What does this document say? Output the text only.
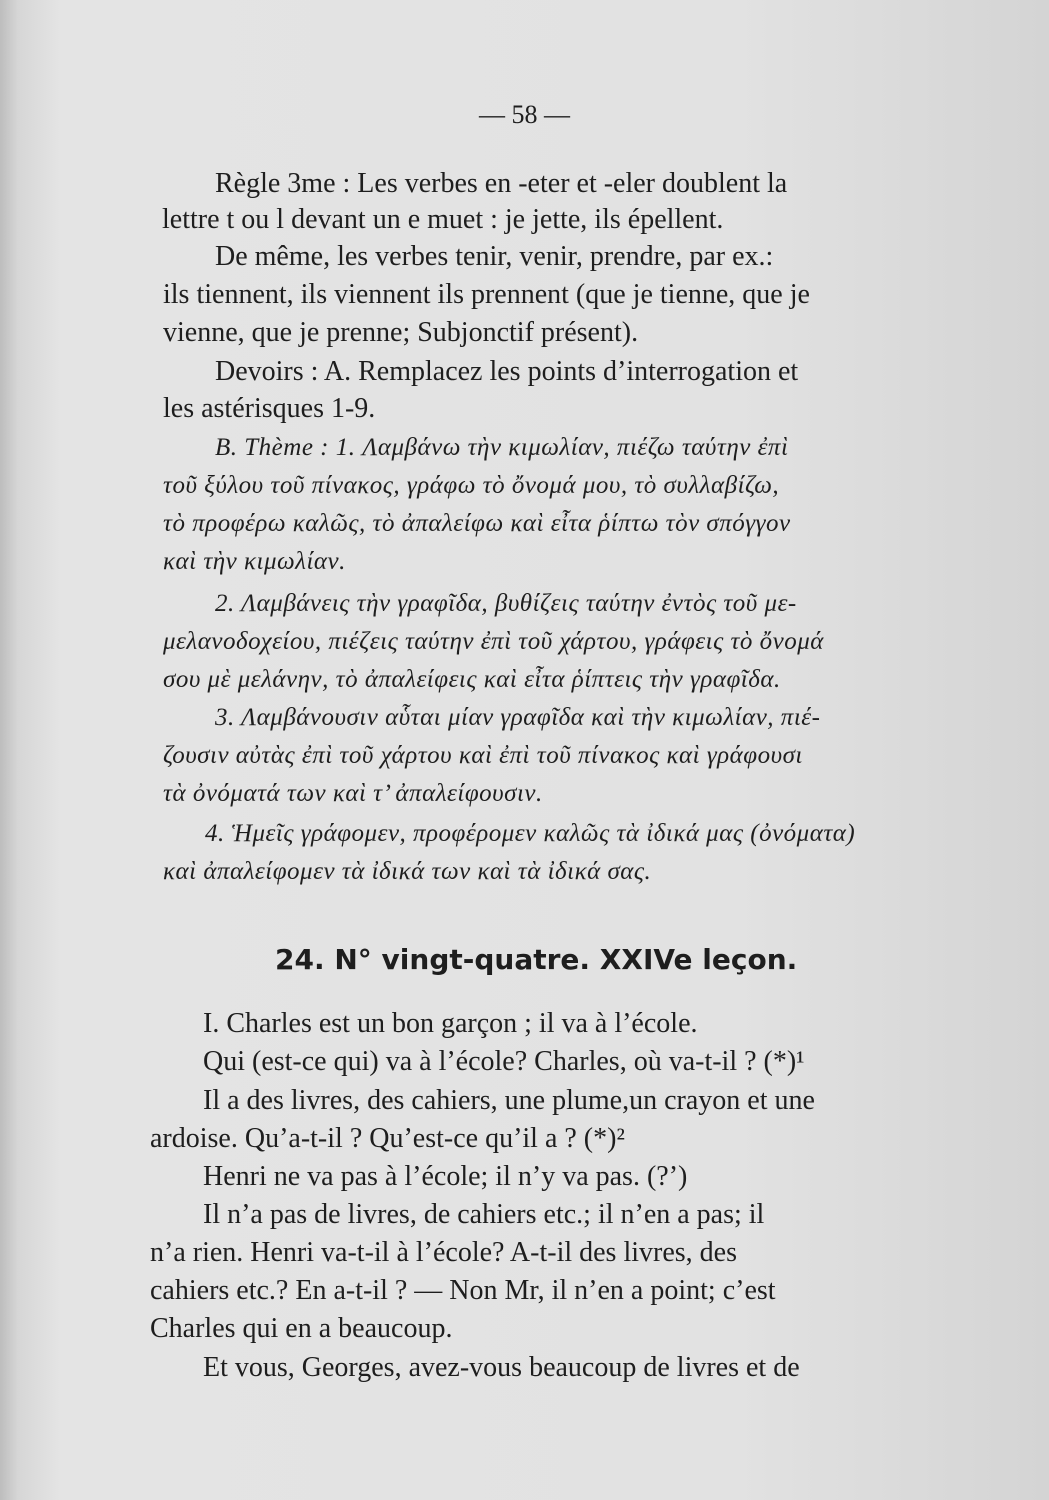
— 58 —
Règle 3me : Les verbes en -eter et -eler doublent la
lettre t ou l devant un e muet : je jette, ils épellent.
De même, les verbes tenir, venir, prendre, par ex.:
ils tiennent, ils viennent ils prennent (que je tienne, que je
vienne, que je prenne; Subjonctif présent).
Devoirs : A. Remplacez les points d’interrogation et
les astérisques 1-9.
B. Thème : 1. Λαμβάνω τὴν κιμωλίαν, πιέζω ταύτην ἐπὶ
τοῦ ξύλου τοῦ πίνακος, γράφω τὸ ὄνομά μου, τὸ συλλαβίζω,
τὸ προφέρω καλῶς, τὸ ἀπαλείφω καὶ εἶτα ῥίπτω τὸν σπόγγον
καὶ τὴν κιμωλίαν.
2. Λαμβάνεις τὴν γραφῖδα, βυθίζεις ταύτην ἐντὸς τοῦ με-
μελανοδοχείου, πιέζεις ταύτην ἐπὶ τοῦ χάρτου, γράφεις τὸ ὄνομά
σου μὲ μελάνην, τὸ ἀπαλείφεις καὶ εἶτα ῥίπτεις τὴν γραφῖδα.
3. Λαμβάνουσιν αὗται μίαν γραφῖδα καὶ τὴν κιμωλίαν, πιέ-
ζουσιν αὐτὰς ἐπὶ τοῦ χάρτου καὶ ἐπὶ τοῦ πίνακος καὶ γράφουσι
τὰ ὀνόματά των καὶ τ’ ἀπαλείφουσιν.
4. Ἡμεῖς γράφομεν, προφέρομεν καλῶς τὰ ἰδικά μας (ὀνόματα)
καὶ ἀπαλείφομεν τὰ ἰδικά των καὶ τὰ ἰδικά σας.
24. N° vingt-quatre. XXIVe leçon.
I. Charles est un bon garçon ; il va à l’école.
Qui (est-ce qui) va à l’école? Charles, où va-t-il ? (*)¹
Il a des livres, des cahiers, une plume,un crayon et une
ardoise. Qu’a-t-il ? Qu’est-ce qu’il a ? (*)²
Henri ne va pas à l’école; il n’y va pas. (?’)
Il n’a pas de livres, de cahiers etc.; il n’en a pas; il
n’a rien. Henri va-t-il à l’école? A-t-il des livres, des
cahiers etc.? En a-t-il ? — Non Mr, il n’en a point; c’est
Charles qui en a beaucoup.
Et vous, Georges, avez-vous beaucoup de livres et de
